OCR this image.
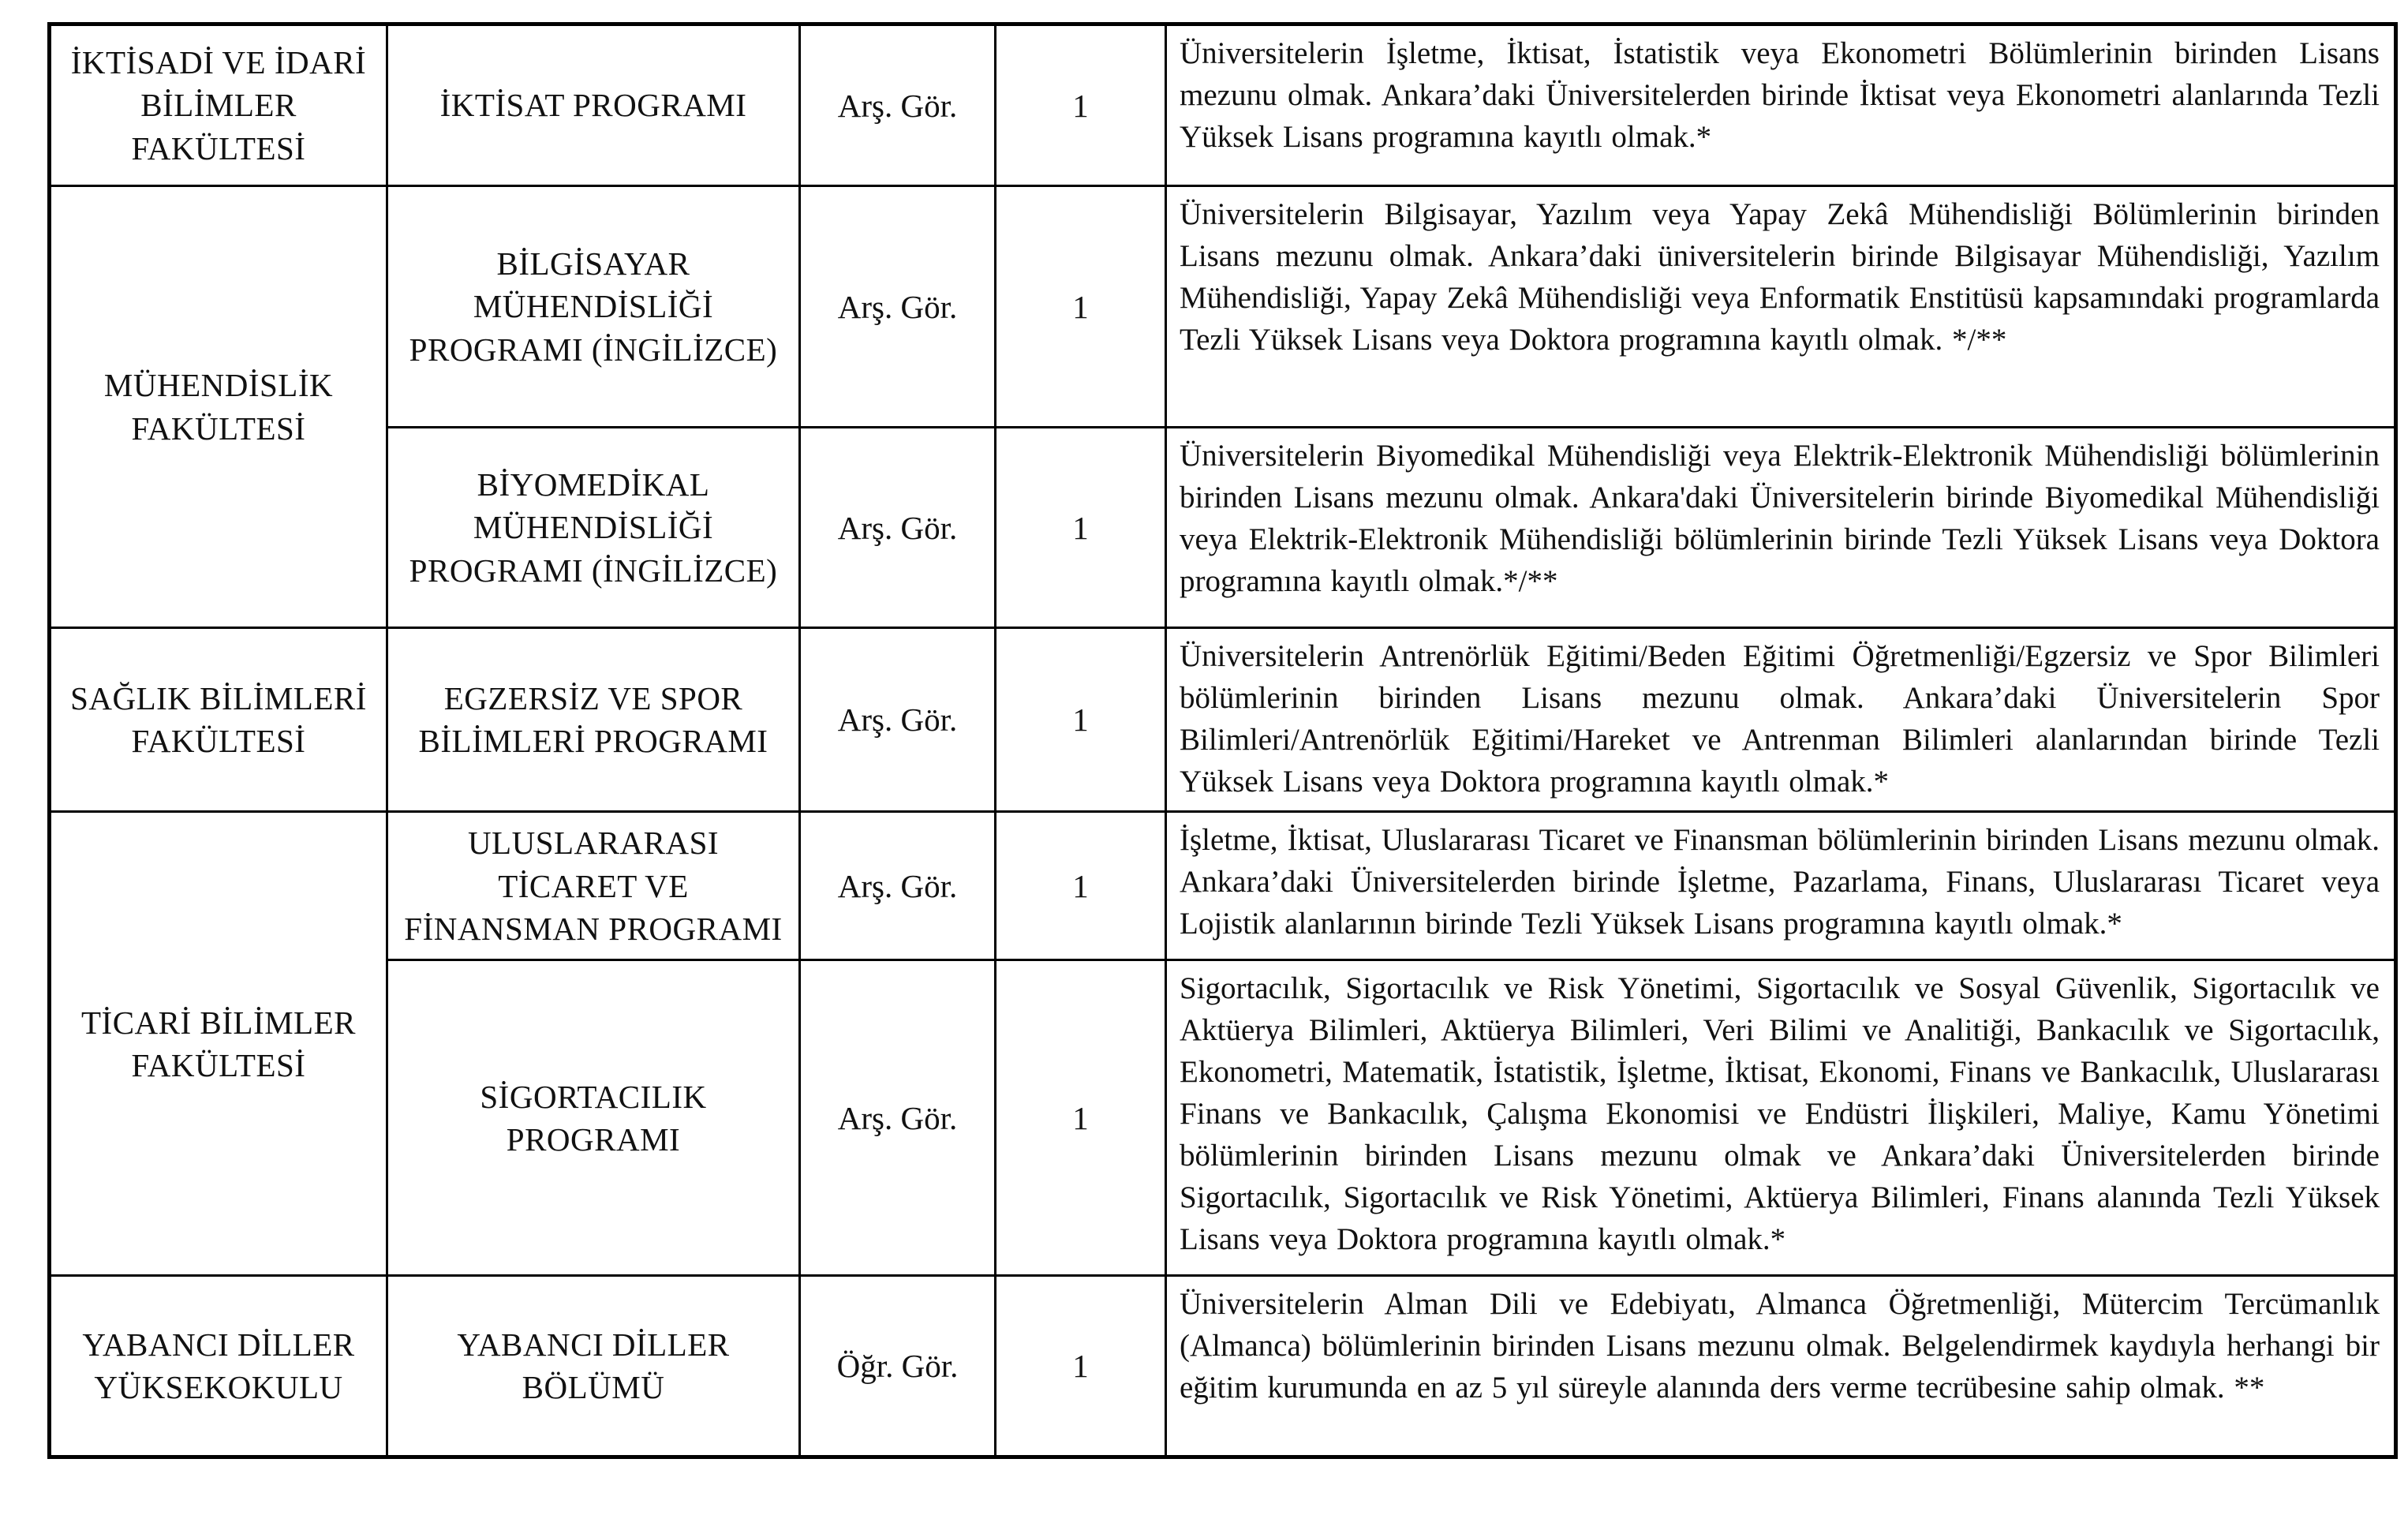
İKTİSADİ VE İDARİ BİLİMLER FAKÜLTESİ	İKTİSAT PROGRAMI	Arş. Gör.	1	Üniversitelerin İşletme, İktisat, İstatistik veya Ekonometri Bölümlerinin birinden Lisans mezunu olmak. Ankara’daki Üniversitelerden birinde İktisat veya Ekonometri alanlarında Tezli Yüksek Lisans programına kayıtlı olmak.*
MÜHENDİSLİK FAKÜLTESİ	BİLGİSAYAR MÜHENDİSLİĞİ PROGRAMI (İNGİLİZCE)	Arş. Gör.	1	Üniversitelerin Bilgisayar, Yazılım veya Yapay Zekâ Mühendisliği Bölümlerinin birinden Lisans mezunu olmak. Ankara’daki üniversitelerin birinde Bilgisayar Mühendisliği, Yazılım Mühendisliği, Yapay Zekâ Mühendisliği veya Enformatik Enstitüsü kapsamındaki programlarda Tezli Yüksek Lisans veya Doktora programına kayıtlı olmak. */**
	BİYOMEDİKAL MÜHENDİSLİĞİ PROGRAMI (İNGİLİZCE)	Arş. Gör.	1	Üniversitelerin Biyomedikal Mühendisliği veya Elektrik-Elektronik Mühendisliği bölümlerinin birinden Lisans mezunu olmak. Ankara'daki Üniversitelerin birinde Biyomedikal Mühendisliği veya Elektrik-Elektronik Mühendisliği bölümlerinin birinde Tezli Yüksek Lisans veya Doktora programına kayıtlı olmak.*/**
SAĞLIK BİLİMLERİ FAKÜLTESİ	EGZERSİZ VE SPOR BİLİMLERİ PROGRAMI	Arş. Gör.	1	Üniversitelerin Antrenörlük Eğitimi/Beden Eğitimi Öğretmenliği/Egzersiz ve Spor Bilimleri bölümlerinin birinden Lisans mezunu olmak. Ankara’daki Üniversitelerin Spor Bilimleri/Antrenörlük Eğitimi/Hareket ve Antrenman Bilimleri alanlarından birinde Tezli Yüksek Lisans veya Doktora programına kayıtlı olmak.*
TİCARİ BİLİMLER FAKÜLTESİ	ULUSLARARASI TİCARET VE FİNANSMAN PROGRAMI	Arş. Gör.	1	İşletme, İktisat, Uluslararası Ticaret ve Finansman bölümlerinin birinden Lisans mezunu olmak. Ankara’daki Üniversitelerden birinde İşletme, Pazarlama, Finans, Uluslararası Ticaret veya Lojistik alanlarının birinde Tezli Yüksek Lisans programına kayıtlı olmak.*
	SİGORTACILIK PROGRAMI	Arş. Gör.	1	Sigortacılık, Sigortacılık ve Risk Yönetimi, Sigortacılık ve Sosyal Güvenlik, Sigortacılık ve Aktüerya Bilimleri, Aktüerya Bilimleri, Veri Bilimi ve Analitiği, Bankacılık ve Sigortacılık, Ekonometri, Matematik, İstatistik, İşletme, İktisat, Ekonomi, Finans ve Bankacılık, Uluslararası Finans ve Bankacılık, Çalışma Ekonomisi ve Endüstri İlişkileri, Maliye, Kamu Yönetimi bölümlerinin birinden Lisans mezunu olmak ve Ankara’daki Üniversitelerden birinde Sigortacılık, Sigortacılık ve Risk Yönetimi, Aktüerya Bilimleri, Finans alanında Tezli Yüksek Lisans veya Doktora programına kayıtlı olmak.*
YABANCI DİLLER YÜKSEKOKULU	YABANCI DİLLER BÖLÜMÜ	Öğr. Gör.	1	Üniversitelerin Alman Dili ve Edebiyatı, Almanca Öğretmenliği, Mütercim Tercümanlık (Almanca) bölümlerinin birinden Lisans mezunu olmak. Belgelendirmek kaydıyla herhangi bir eğitim kurumunda en az 5 yıl süreyle alanında ders verme tecrübesine sahip olmak. **
